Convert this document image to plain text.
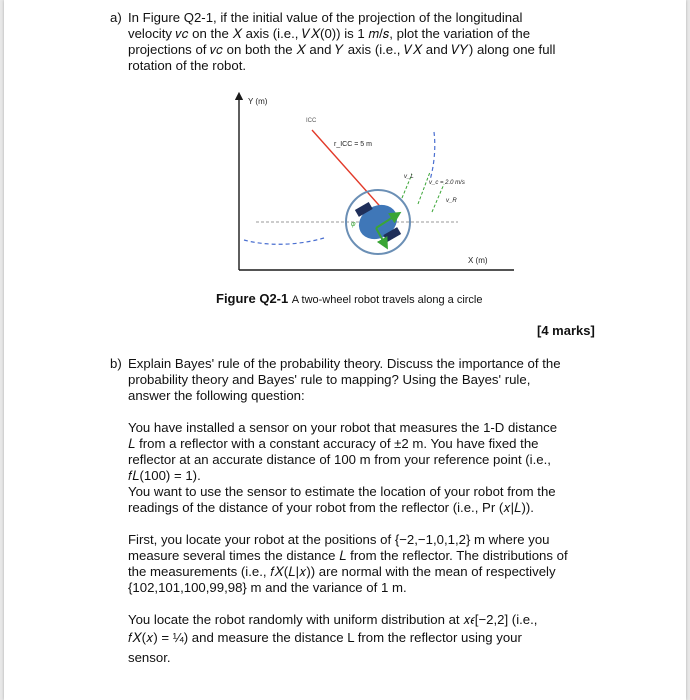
a) In Figure Q2-1, if the initial value of the projection of the longitudinal
velocity 𝑣𝑐 on the 𝑋 axis (i.e., 𝑉𝑋(0)) is 1 𝑚/𝑠, plot the variation of the
projections of 𝑣𝑐 on both the 𝑋 and 𝑌 axis (i.e., 𝑉𝑋 and 𝑉𝑌) along one full
rotation of the robot.
Y (m)
X (m)
ICC
r_ICC = 5 m
φ
v_L
v_c = 2.0 m/s
v_R
Figure Q2-1 A two-wheel robot travels along a circle
[4 marks]
b) Explain Bayes' rule of the probability theory. Discuss the importance of the
probability theory and Bayes' rule to mapping? Using the Bayes' rule,
answer the following question:
You have installed a sensor on your robot that measures the 1-D distance
𝐿 from a reflector with a constant accuracy of ±2 m. You have fixed the
reflector at an accurate distance of 100 m from your reference point (i.e.,
𝑓𝐿(100) = 1).
You want to use the sensor to estimate the location of your robot from the
readings of the distance of your robot from the reflector (i.e., Pr (𝑥|𝐿)).
First, you locate your robot at the positions of {−2,−1,0,1,2} m where you
measure several times the distance 𝐿 from the reflector. The distributions of
the measurements (i.e., 𝑓𝑋(𝐿|𝑥)) are normal with the mean of respectively
{102,101,100,99,98} m and the variance of 1 m.
You locate the robot randomly with uniform distribution at 𝑥𝜖[−2,2] (i.e.,
𝑓𝑋(𝑥) = ¼) and measure the distance L from the reflector using your
sensor.
